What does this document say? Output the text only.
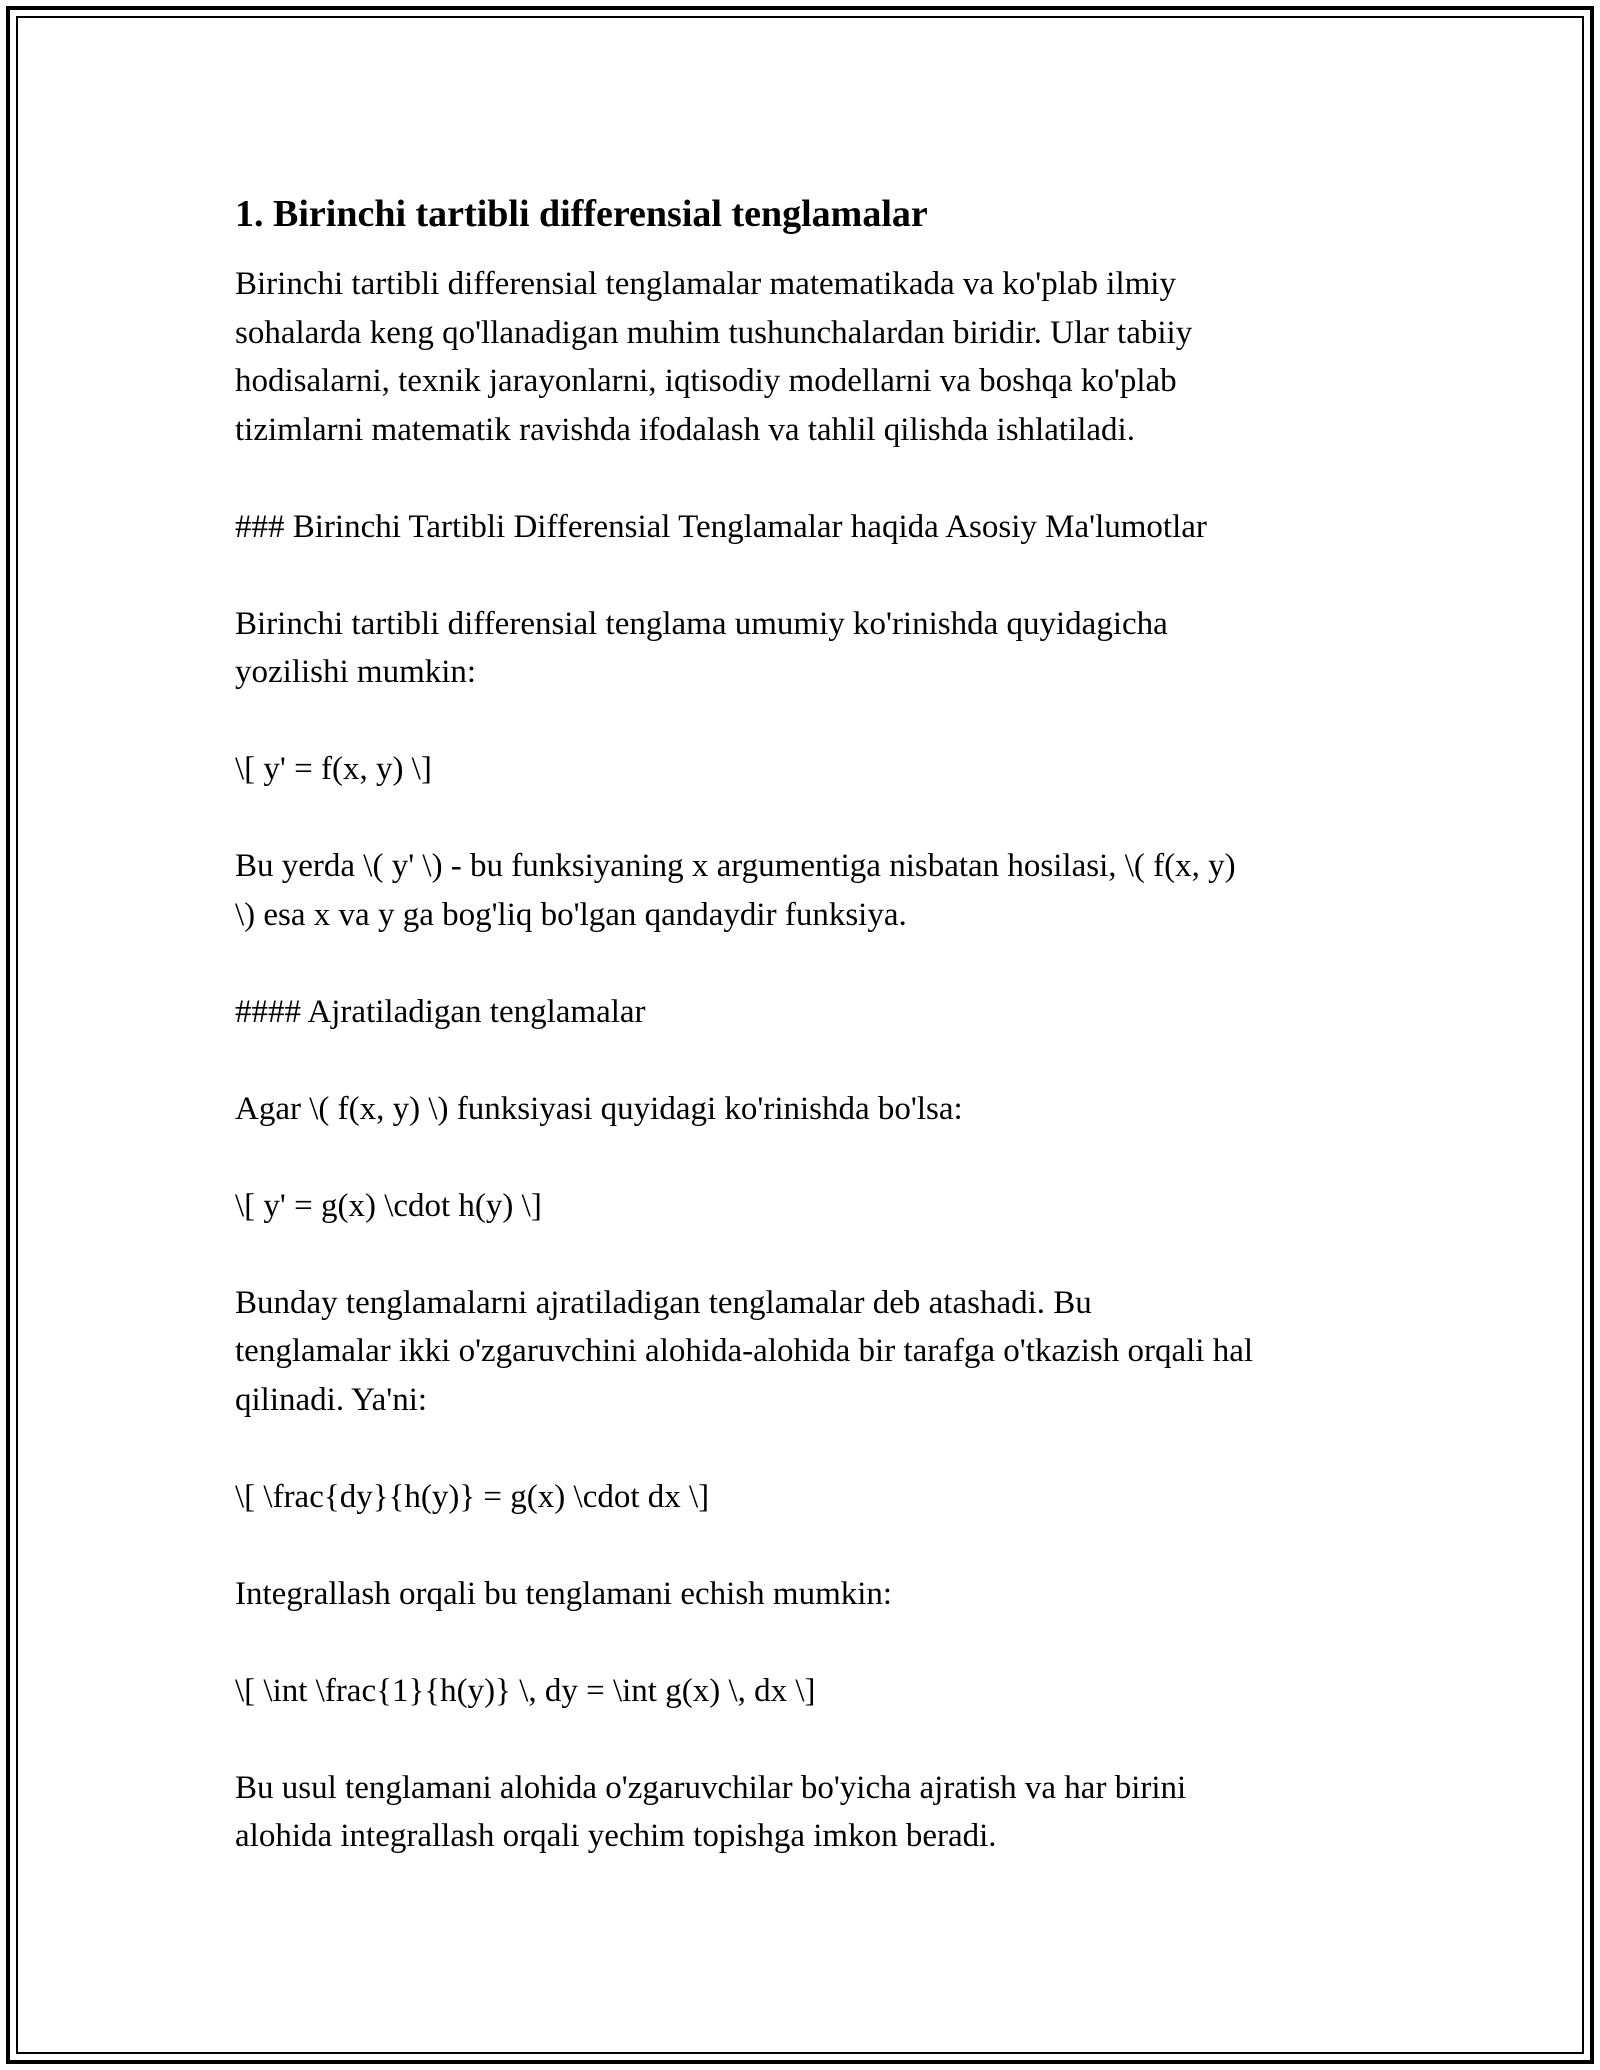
1. Birinchi tartibli differensial tenglamalar
Birinchi tartibli differensial tenglamalar matematikada va ko'plab ilmiy
sohalarda keng qo'llanadigan muhim tushunchalardan biridir. Ular tabiiy
hodisalarni, texnik jarayonlarni, iqtisodiy modellarni va boshqa ko'plab
tizimlarni matematik ravishda ifodalash va tahlil qilishda ishlatiladi.
### Birinchi Tartibli Differensial Tenglamalar haqida Asosiy Ma'lumotlar
Birinchi tartibli differensial tenglama umumiy ko'rinishda quyidagicha
yozilishi mumkin:
\[ y' = f(x, y) \]
Bu yerda \( y' \) - bu funksiyaning x argumentiga nisbatan hosilasi, \( f(x, y)
\) esa x va y ga bog'liq bo'lgan qandaydir funksiya.
#### Ajratiladigan tenglamalar
Agar \( f(x, y) \) funksiyasi quyidagi ko'rinishda bo'lsa:
\[ y' = g(x) \cdot h(y) \]
Bunday tenglamalarni ajratiladigan tenglamalar deb atashadi. Bu
tenglamalar ikki o'zgaruvchini alohida-alohida bir tarafga o'tkazish orqali hal
qilinadi. Ya'ni:
\[ \frac{dy}{h(y)} = g(x) \cdot dx \]
Integrallash orqali bu tenglamani echish mumkin:
\[ \int \frac{1}{h(y)} \, dy = \int g(x) \, dx \]
Bu usul tenglamani alohida o'zgaruvchilar bo'yicha ajratish va har birini
alohida integrallash orqali yechim topishga imkon beradi.
